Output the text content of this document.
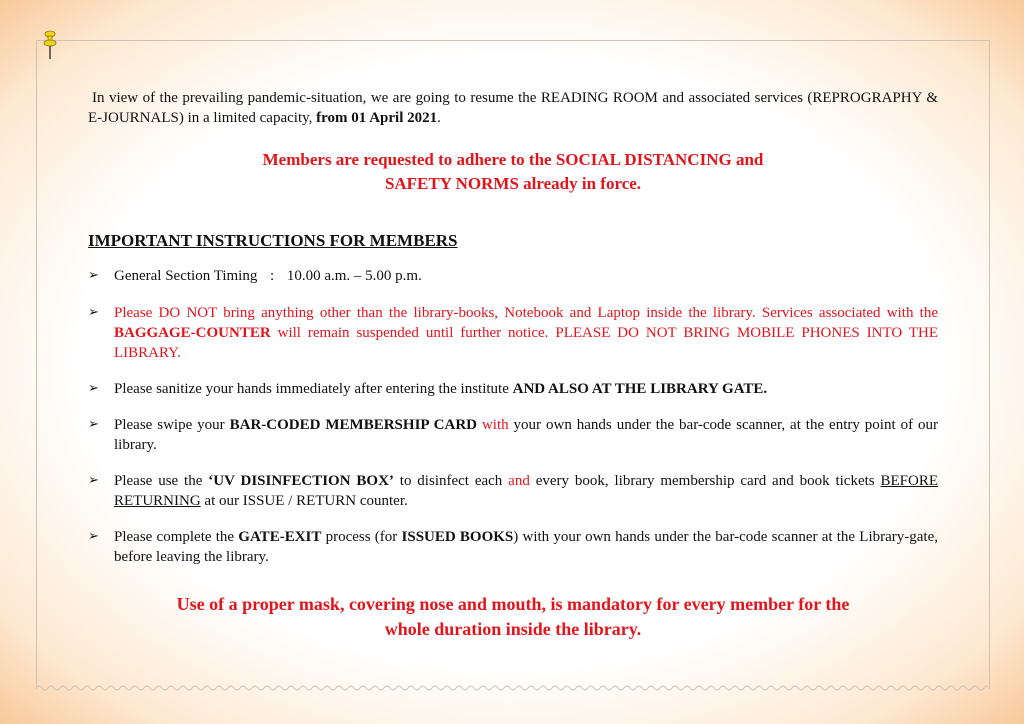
In view of the prevailing pandemic-situation, we are going to resume the READING ROOM and associated services (REPROGRAPHY & E-JOURNALS) in a limited capacity, from 01 April 2021.
Members are requested to adhere to the SOCIAL DISTANCING and
SAFETY NORMS already in force.
IMPORTANT INSTRUCTIONS FOR MEMBERS
➢ General Section Timing : 10.00 a.m. – 5.00 p.m.
➢ Please DO NOT bring anything other than the library-books, Notebook and Laptop inside the library. Services associated with the BAGGAGE-COUNTER will remain suspended until further notice. PLEASE DO NOT BRING MOBILE PHONES INTO THE LIBRARY.
➢ Please sanitize your hands immediately after entering the institute AND ALSO AT THE LIBRARY GATE.
➢ Please swipe your BAR-CODED MEMBERSHIP CARD with your own hands under the bar-code scanner, at the entry point of our library.
➢ Please use the ‘UV DISINFECTION BOX’ to disinfect each and every book, library membership card and book tickets BEFORE RETURNING at our ISSUE / RETURN counter.
➢ Please complete the GATE-EXIT process (for ISSUED BOOKS) with your own hands under the bar-code scanner at the Library-gate, before leaving the library.
Use of a proper mask, covering nose and mouth, is mandatory for every member for the
whole duration inside the library.
